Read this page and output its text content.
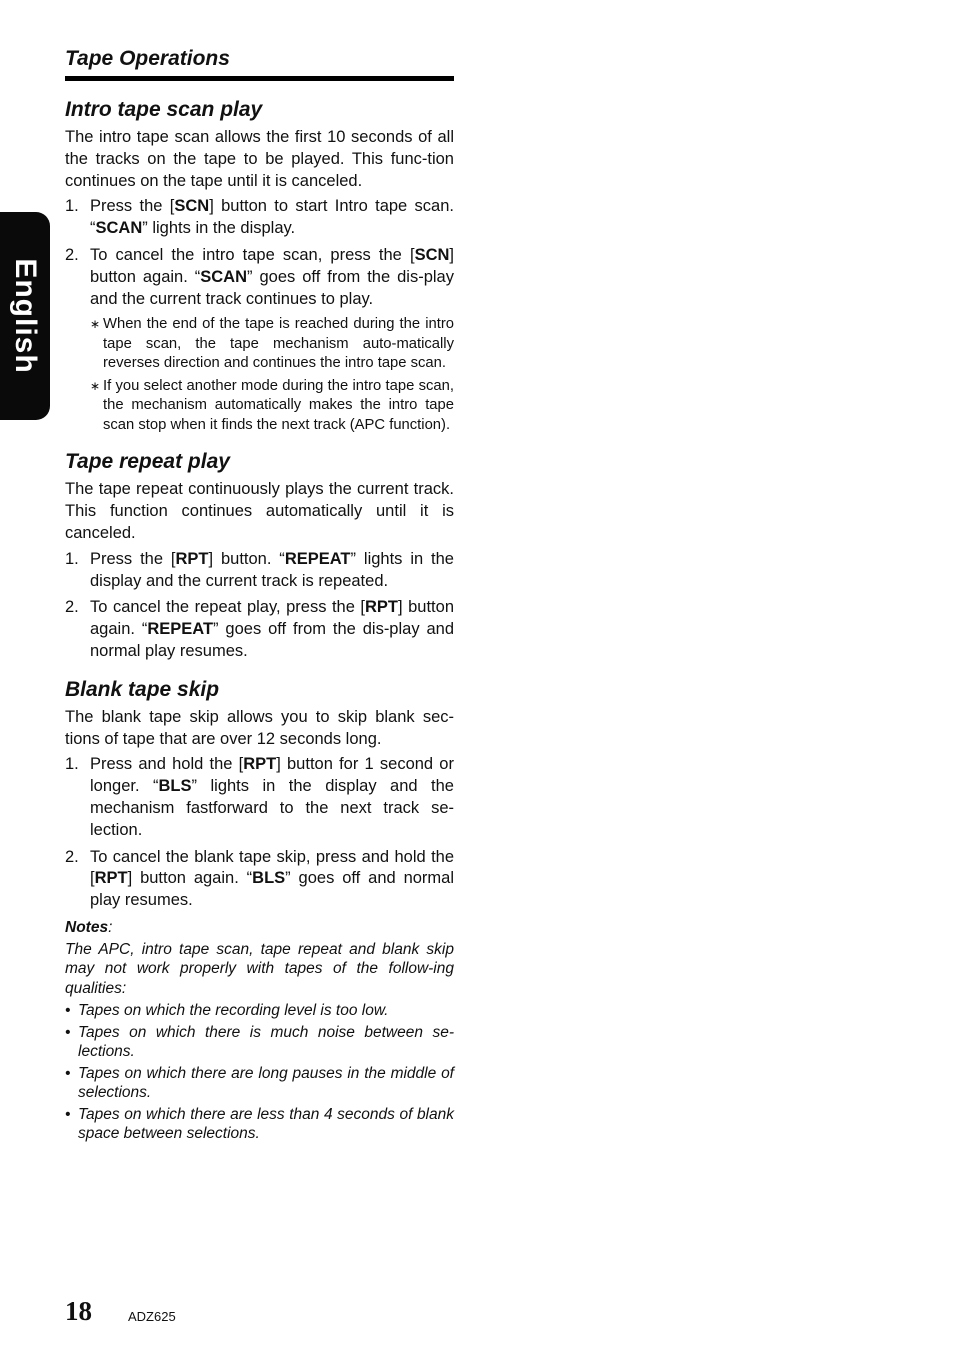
English
Tape Operations
Intro tape scan play

The intro tape scan allows the first 10 seconds of all the tracks on the tape to be played. This func-tion continues on the tape until it is canceled.

1. Press the [SCN] button to start Intro tape scan. “SCAN” lights in the display.
2. To cancel the intro tape scan, press the [SCN] button again. “SCAN” goes off from the dis-play and the current track continues to play.
∗ When the end of the tape is reached during the intro tape scan, the tape mechanism auto-matically reverses direction and continues the intro tape scan.
∗ If you select another mode during the intro tape scan, the mechanism automatically makes the intro tape scan stop when it finds the next track (APC function).
Tape repeat play

The tape repeat continuously plays the current track. This function continues automatically until it is canceled.

1. Press the [RPT] button. “REPEAT” lights in the display and the current track is repeated.
2. To cancel the repeat play, press the [RPT] button again. “REPEAT” goes off from the dis-play and normal play resumes.
Blank tape skip

The blank tape skip allows you to skip blank sec-tions of tape that are over 12 seconds long.

1. Press and hold the [RPT] button for 1 second or longer. “BLS” lights in the display and the mechanism fastforward to the next track se-lection.
2. To cancel the blank tape skip, press and hold the [RPT] button again. “BLS” goes off and normal play resumes.
Notes:

The APC, intro tape scan, tape repeat and blank skip may not work properly with tapes of the follow-ing qualities:

• Tapes on which the recording level is too low.
• Tapes on which there is much noise between se-lections.
• Tapes on which there are long pauses in the middle of selections.
• Tapes on which there are less than 4 seconds of blank space between selections.
18	ADZ625
